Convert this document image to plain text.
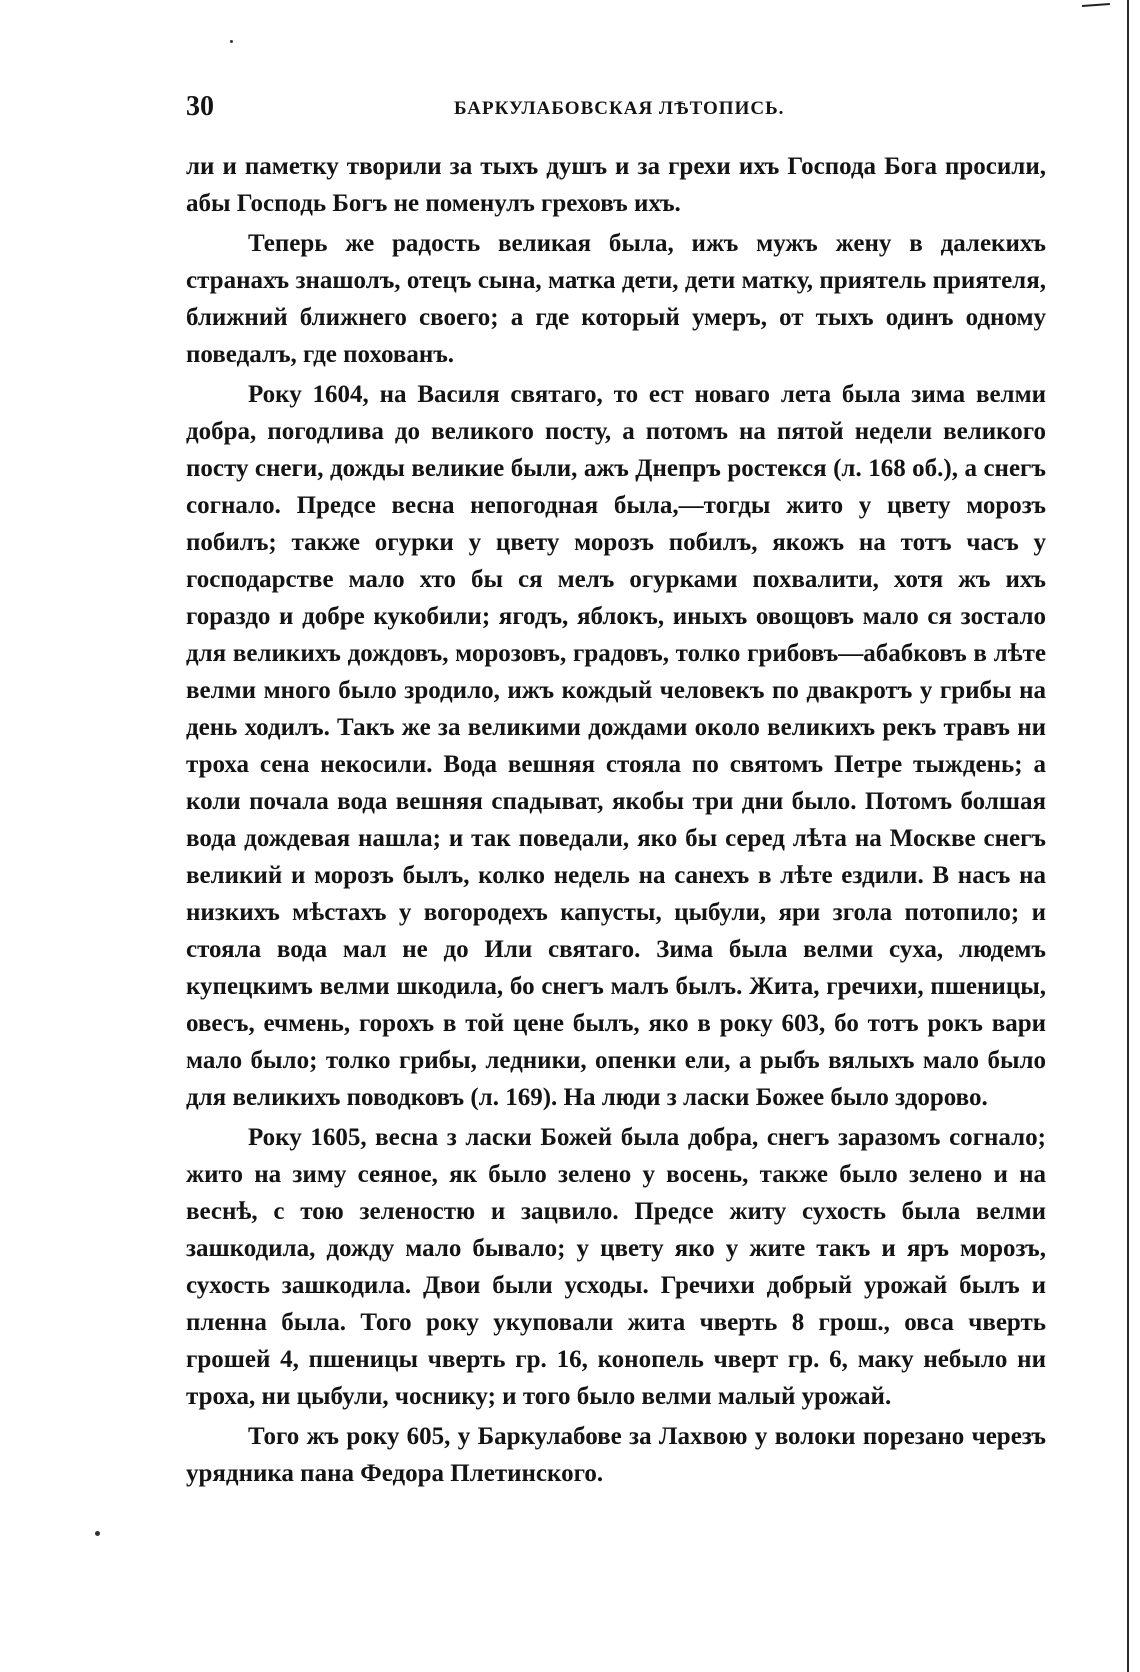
30	БАРКУЛАБОВСКАЯ ЛѢТОПИСЬ.

ли и паметку творили за тыхъ душъ и за грехи ихъ Господа Бога просили, абы Господь Богъ не поменулъ греховъ ихъ.

Теперь же радость великая была, ижъ мужъ жену в далекихъ странахъ знашолъ, отецъ сына, матка дети, дети матку, приятель приятеля, ближний ближнего своего; а где который умеръ, от тыхъ одинъ одному поведалъ, где похованъ.

Року 1604, на Василя святаго, то ест новаго лета была зима велми добра, погодлива до великого посту, а потомъ на пятой недели великого посту снеги, дожды великие были, ажъ Днепръ ростекся (л. 168 об.), а снегъ согнало. Предсе весна непогодная была,—тогды жито у цвету морозъ побилъ; также огурки у цвету морозъ побилъ, якожъ на тотъ часъ у господарстве мало хто бы ся мелъ огурками похвалити, хотя жъ ихъ гораздо и добре кукобили; ягодъ, яблокъ, иныхъ овощовъ мало ся зостало для великихъ дождовъ, морозовъ, градовъ, толко грибовъ—абабковъ в лѣте велми много было зродило, ижъ кождый человекъ по двакротъ у грибы на день ходилъ. Такъ же за великими дождами около великихъ рекъ травъ ни троха сена некосили. Вода вешняя стояла по святомъ Петре тыждень; а коли почала вода вешняя спадыват, якобы три дни было. Потомъ болшая вода дождевая нашла; и так поведали, яко бы серед лѣта на Москве снегъ великий и морозъ былъ, колко недель на санехъ в лѣте ездили. В насъ на низкихъ мѣстахъ у вогородехъ капусты, цыбули, яри згола потопило; и стояла вода мал не до Или святаго. Зима была велми суха, людемъ купецкимъ велми шкодила, бо снегъ малъ былъ. Жита, гречихи, пшеницы, овесъ, ечмень, горохъ в той цене былъ, яко в року 603, бо тотъ рокъ вари мало было; толко грибы, ледники, опенки ели, а рыбъ вялыхъ мало было для великихъ поводковъ (л. 169). На люди з ласки Божее было здорово.

Року 1605, весна з ласки Божей была добра, снегъ заразомъ согнало; жито на зиму сеяное, як было зелено у восень, также было зелено и на веснѣ, с тою зеленостю и зацвило. Предсе житу сухость была велми зашкодила, дожду мало бывало; у цвету яко у жите такъ и яръ морозъ, сухость зашкодила. Двои были усходы. Гречихи добрый урожай былъ и пленна была. Того року укуповали жита чверть 8 грош., овса чверть грошей 4, пшеницы чверть гр. 16, конопель чверт гр. 6, маку небыло ни троха, ни цыбули, чоснику; и того было велми малый урожай.

Того жъ року 605, у Баркулабове за Лахвою у волоки порезано черезъ урядника пана Федора Плетинского.
